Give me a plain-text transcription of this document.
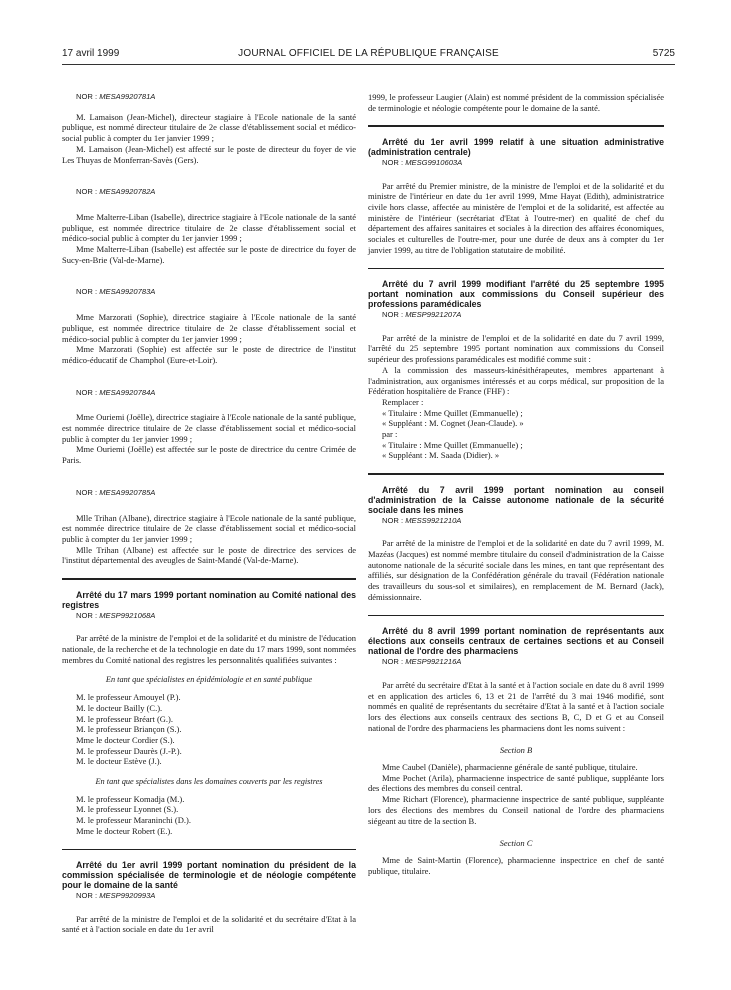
17 avril 1999	JOURNAL OFFICIEL DE LA RÉPUBLIQUE FRANÇAISE	5725

NOR : MESA9920781A

M. Lamaison (Jean-Michel), directeur stagiaire à l'Ecole nationale de la santé publique, est nommé directeur titulaire de 2e classe d'établissement social et médico-social public à compter du 1er janvier 1999 ;

M. Lamaison (Jean-Michel) est affecté sur le poste de directeur du foyer de vie Les Thuyas de Monferran-Savès (Gers).

NOR : MESA9920782A

Mme Malterre-Liban (Isabelle), directrice stagiaire à l'Ecole nationale de la santé publique, est nommée directrice titulaire de 2e classe d'établissement social et médico-social public à compter du 1er janvier 1999 ;

Mme Malterre-Liban (Isabelle) est affectée sur le poste de directrice du foyer de Sucy-en-Brie (Val-de-Marne).

NOR : MESA9920783A

Mme Marzorati (Sophie), directrice stagiaire à l'Ecole nationale de la santé publique, est nommée directrice titulaire de 2e classe d'établissement social et médico-social public à compter du 1er janvier 1999 ;

Mme Marzorati (Sophie) est affectée sur le poste de directrice de l'institut médico-éducatif de Champhol (Eure-et-Loir).

NOR : MESA9920784A

Mme Ouriemi (Joëlle), directrice stagiaire à l'Ecole nationale de la santé publique, est nommée directrice titulaire de 2e classe d'établissement social et médico-social public à compter du 1er janvier 1999 ;

Mme Ouriemi (Joëlle) est affectée sur le poste de directrice du centre Crimée de Paris.

NOR : MESA9920785A

Mlle Trihan (Albane), directrice stagiaire à l'Ecole nationale de la santé publique, est nommée directrice titulaire de 2e classe d'établissement social et médico-social public à compter du 1er janvier 1999 ;

Mlle Trihan (Albane) est affectée sur le poste de directrice des services de l'institut départemental des aveugles de Saint-Mandé (Val-de-Marne).

Arrêté du 17 mars 1999 portant nomination au Comité national des registres

NOR : MESP9921068A

Par arrêté de la ministre de l'emploi et de la solidarité et du ministre de l'éducation nationale, de la recherche et de la technologie en date du 17 mars 1999, sont nommées membres du Comité national des registres les personnalités qualifiées suivantes :

En tant que spécialistes en épidémiologie et en santé publique
M. le professeur Amouyel (P.).
M. le docteur Bailly (C.).
M. le professeur Bréart (G.).
M. le professeur Briançon (S.).
Mme le docteur Cordier (S.).
M. le professeur Daurès (J.-P.).
M. le docteur Estève (J.).
En tant que spécialistes dans les domaines couverts par les registres
M. le professeur Komadja (M.).
M. le professeur Lyonnet (S.).
M. le professeur Maraninchi (D.).
Mme le docteur Robert (E.).

Arrêté du 1er avril 1999 portant nomination du président de la commission spécialisée de terminologie et de néologie compétente pour le domaine de la santé

NOR : MESP9920993A

Par arrêté de la ministre de l'emploi et de la solidarité et du secrétaire d'Etat à la santé et à l'action sociale en date du 1er avril

1999, le professeur Laugier (Alain) est nommé président de la commission spécialisée de terminologie et néologie compétente pour le domaine de la santé.

Arrêté du 1er avril 1999 relatif à une situation administrative (administration centrale)

NOR : MESG9910603A

Par arrêté du Premier ministre, de la ministre de l'emploi et de la solidarité et du ministre de l'intérieur en date du 1er avril 1999, Mme Hayat (Edith), administratrice civile hors classe, affectée au ministère de l'emploi et de la solidarité, est affectée au ministère de l'intérieur (secrétariat d'Etat à l'outre-mer) en qualité de chef du département des affaires sanitaires et sociales à la direction des affaires économiques, sociales et culturelles de l'outre-mer, pour une durée de deux ans à compter du 1er janvier 1999, au titre de l'obligation statutaire de mobilité.

Arrêté du 7 avril 1999 modifiant l'arrêté du 25 septembre 1995 portant nomination aux commissions du Conseil supérieur des professions paramédicales

NOR : MESP9921207A

Par arrêté de la ministre de l'emploi et de la solidarité en date du 7 avril 1999, l'arrêté du 25 septembre 1995 portant nomination aux commissions du Conseil supérieur des professions paramédicales est modifié comme suit :

A la commission des masseurs-kinésithérapeutes, membres appartenant à l'administration, aux organismes intéressés et au corps médical, sur proposition de la Fédération hospitalière de France (FHF) :

Remplacer :
« Titulaire : Mme Quillet (Emmanuelle) ;
« Suppléant : M. Cognet (Jean-Claude). »
par :
« Titulaire : Mme Quillet (Emmanuelle) ;
« Suppléant : M. Saada (Didier). »

Arrêté du 7 avril 1999 portant nomination au conseil d'administration de la Caisse autonome nationale de la sécurité sociale dans les mines

NOR : MESS9921210A

Par arrêté de la ministre de l'emploi et de la solidarité en date du 7 avril 1999, M. Mazéas (Jacques) est nommé membre titulaire du conseil d'administration de la Caisse autonome nationale de la sécurité sociale dans les mines, en tant que représentant des affiliés, sur désignation de la Confédération générale du travail (Fédération nationale des travailleurs du sous-sol et similaires), en remplacement de M. Bernard (Jack), démissionnaire.

Arrêté du 8 avril 1999 portant nomination de représentants aux élections aux conseils centraux de certaines sections et au Conseil national de l'ordre des pharmaciens

NOR : MESP9921216A

Par arrêté du secrétaire d'Etat à la santé et à l'action sociale en date du 8 avril 1999 et en application des articles 6, 13 et 21 de l'arrêté du 3 mai 1946 modifié, sont nommés en qualité de représentants du secrétaire d'Etat à la santé et à l'action sociale lors des élections aux conseils centraux des sections B, C, D et G et au Conseil national de l'ordre des pharmaciens les pharmaciens dont les noms suivent :

Section B

Mme Caubel (Danièle), pharmacienne générale de santé publique, titulaire.

Mme Pochet (Arila), pharmacienne inspectrice de santé publique, suppléante lors des élections des membres du conseil central.

Mme Richart (Florence), pharmacienne inspectrice de santé publique, suppléante lors des élections des membres du Conseil national de l'ordre des pharmaciens siégeant au titre de la section B.

Section C

Mme de Saint-Martin (Florence), pharmacienne inspectrice en chef de santé publique, titulaire.
